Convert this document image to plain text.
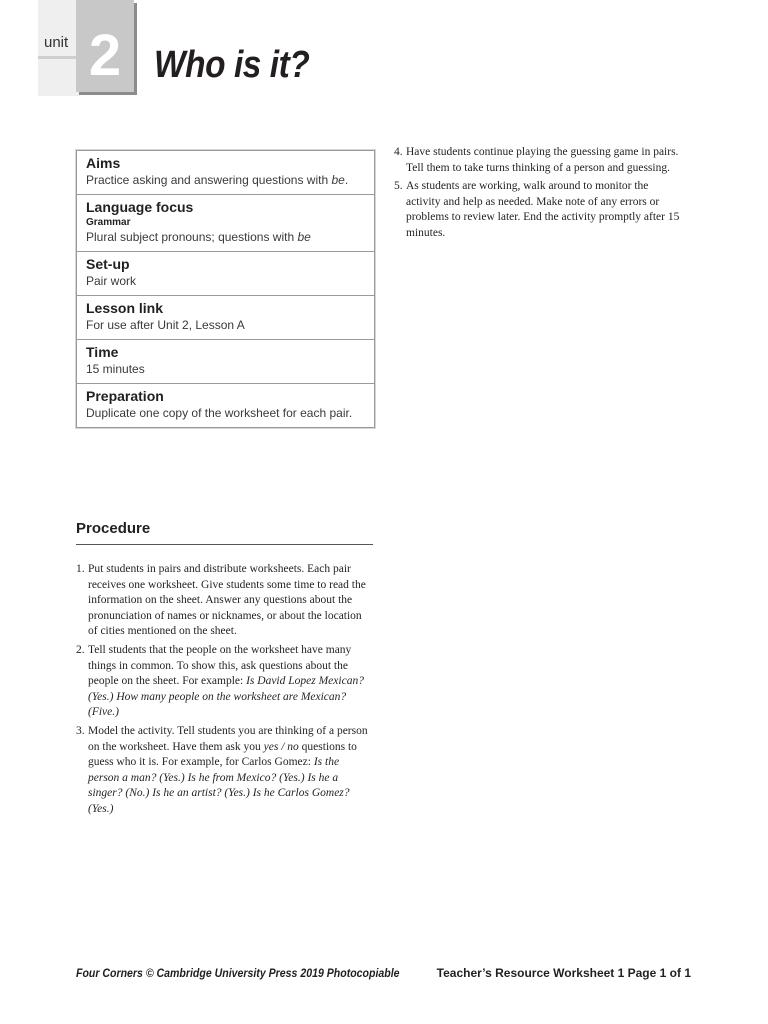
unit 2 Who is it?
Aims
Practice asking and answering questions with be.
Language focus
Grammar
Plural subject pronouns; questions with be
Set-up
Pair work
Lesson link
For use after Unit 2, Lesson A
Time
15 minutes
Preparation
Duplicate one copy of the worksheet for each pair.
Procedure
1. Put students in pairs and distribute worksheets. Each pair receives one worksheet. Give students some time to read the information on the sheet. Answer any questions about the pronunciation of names or nicknames, or about the location of cities mentioned on the sheet.
2. Tell students that the people on the worksheet have many things in common. To show this, ask questions about the people on the sheet. For example: Is David Lopez Mexican? (Yes.) How many people on the worksheet are Mexican? (Five.)
3. Model the activity. Tell students you are thinking of a person on the worksheet. Have them ask you yes / no questions to guess who it is. For example, for Carlos Gomez: Is the person a man? (Yes.) Is he from Mexico? (Yes.) Is he a singer? (No.) Is he an artist? (Yes.) Is he Carlos Gomez? (Yes.)
4. Have students continue playing the guessing game in pairs. Tell them to take turns thinking of a person and guessing.
5. As students are working, walk around to monitor the activity and help as needed. Make note of any errors or problems to review later. End the activity promptly after 15 minutes.
Four Corners © Cambridge University Press 2019 Photocopiable	Teacher’s Resource Worksheet 1 Page 1 of 1
